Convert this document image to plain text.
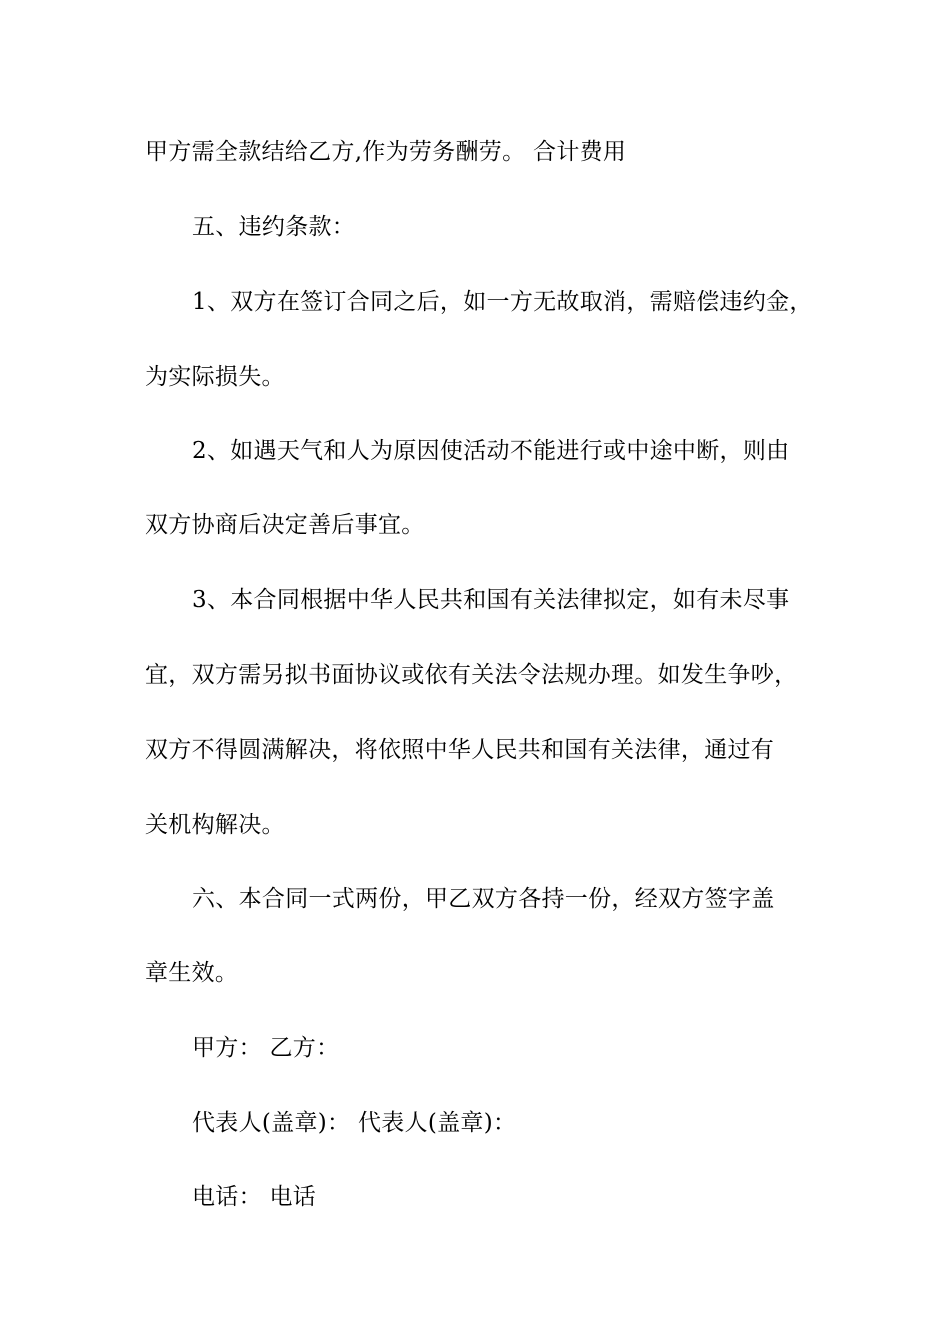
甲方需全款结给乙方,作为劳务酬劳。 合计费用
五、违约条款：
1、双方在签订合同之后，如一方无故取消，需赔偿违约金，
为实际损失。
2、如遇天气和人为原因使活动不能进行或中途中断，则由
双方协商后决定善后事宜。
3、本合同根据中华人民共和国有关法律拟定，如有未尽事
宜，双方需另拟书面协议或依有关法令法规办理。如发生争吵，
双方不得圆满解决，将依照中华人民共和国有关法律，通过有
关机构解决。
六、本合同一式两份，甲乙双方各持一份，经双方签字盖
章生效。
甲方： 乙方：
代表人(盖章)： 代表人(盖章)：
电话： 电话
